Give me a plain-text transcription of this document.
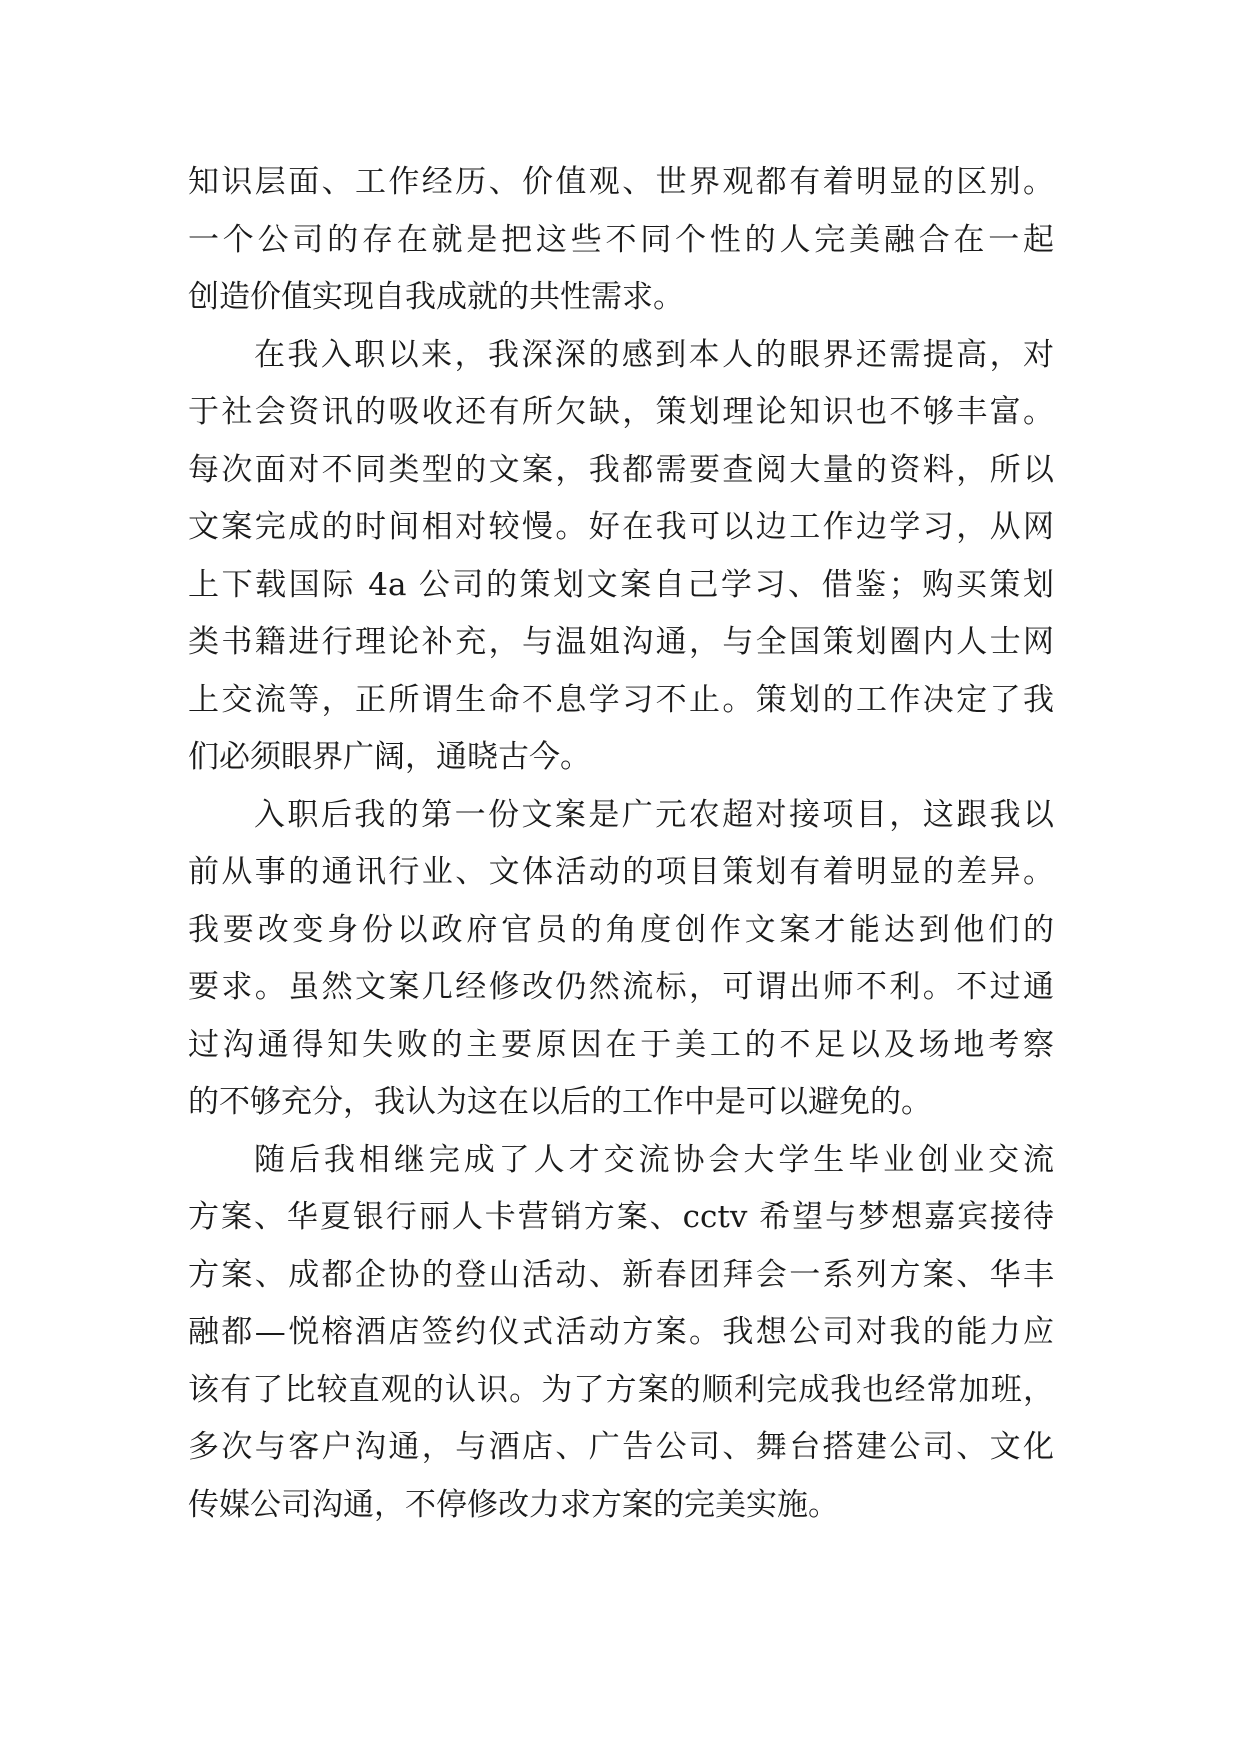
知识层面、工作经历、价值观、世界观都有着明显的区别。
一个公司的存在就是把这些不同个性的人完美融合在一起
创造价值实现自我成就的共性需求。
在我入职以来，我深深的感到本人的眼界还需提高，对
于社会资讯的吸收还有所欠缺，策划理论知识也不够丰富。
每次面对不同类型的文案，我都需要查阅大量的资料，所以
文案完成的时间相对较慢。好在我可以边工作边学习，从网
上下载国际 4a 公司的策划文案自己学习、借鉴；购买策划
类书籍进行理论补充，与温姐沟通，与全国策划圈内人士网
上交流等，正所谓生命不息学习不止。策划的工作决定了我
们必须眼界广阔，通晓古今。
入职后我的第一份文案是广元农超对接项目，这跟我以
前从事的通讯行业、文体活动的项目策划有着明显的差异。
我要改变身份以政府官员的角度创作文案才能达到他们的
要求。虽然文案几经修改仍然流标，可谓出师不利。不过通
过沟通得知失败的主要原因在于美工的不足以及场地考察
的不够充分，我认为这在以后的工作中是可以避免的。
随后我相继完成了人才交流协会大学生毕业创业交流
方案、华夏银行丽人卡营销方案、cctv 希望与梦想嘉宾接待
方案、成都企协的登山活动、新春团拜会一系列方案、华丰
融都—悦榕酒店签约仪式活动方案。我想公司对我的能力应
该有了比较直观的认识。为了方案的顺利完成我也经常加班，
多次与客户沟通，与酒店、广告公司、舞台搭建公司、文化
传媒公司沟通，不停修改力求方案的完美实施。
